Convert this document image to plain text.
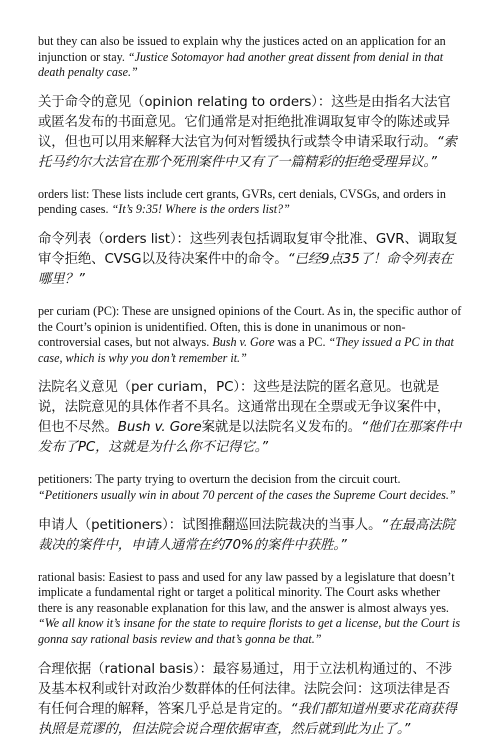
but they can also be issued to explain why the justices acted on an application for an injunction or stay. “Justice Sotomayor had another great dissent from denial in that death penalty case.”

关于命令的意见（opinion relating to orders）：这些是由指名大法官或匿名发布的书面意见。它们通常是对拒绝批准调取复审令的陈述或异议，但也可以用来解释大法官为何对暂缓执行或禁令申请采取行动。“索托马约尔大法官在那个死刑案件中又有了一篇精彩的拒绝受理异议。”

orders list: These lists include cert grants, GVRs, cert denials, CVSGs, and orders in pending cases. “It’s 9:35! Where is the orders list?”

命令列表（orders list）：这些列表包括调取复审令批准、GVR、调取复审令拒绝、CVSG以及待决案件中的命令。“已经9点35了！命令列表在哪里？”

per curiam (PC): These are unsigned opinions of the Court. As in, the specific author of the Court’s opinion is unidentified. Often, this is done in unanimous or non-controversial cases, but not always. Bush v. Gore was a PC. “They issued a PC in that case, which is why you don’t remember it.”

法院名义意见（per curiam，PC）：这些是法院的匿名意见。也就是说，法院意见的具体作者不具名。这通常出现在全票或无争议案件中，但也不尽然。Bush v. Gore案就是以法院名义发布的。“他们在那案件中发布了PC，这就是为什么你不记得它。”

petitioners: The party trying to overturn the decision from the circuit court. “Petitioners usually win in about 70 percent of the cases the Supreme Court decides.”

申请人（petitioners）：试图推翻巡回法院裁决的当事人。“在最高法院裁决的案件中，申请人通常在约70%的案件中获胜。”

rational basis: Easiest to pass and used for any law passed by a legislature that doesn’t implicate a fundamental right or target a political minority. The Court asks whether there is any reasonable explanation for this law, and the answer is almost always yes. “We all know it’s insane for the state to require florists to get a license, but the Court is gonna say rational basis review and that’s gonna be that.”

合理依据（rational basis）：最容易通过，用于立法机构通过的、不涉及基本权利或针对政治少数群体的任何法律。法院会问：这项法律是否有任何合理的解释，答案几乎总是肯定的。“我们都知道州要求花商获得执照是荒谬的，但法院会说合理依据审查，然后就到此为止了。”
